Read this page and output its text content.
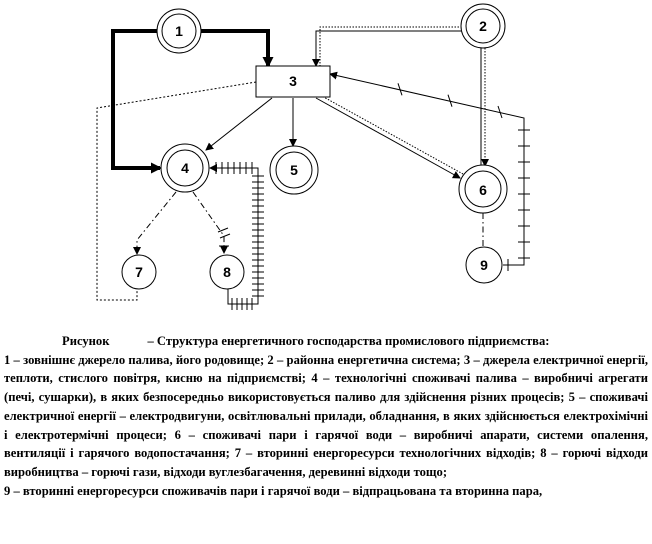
1	2
3
4	5
6
7	8	9

Рисунок	– Структура енергетичного господарства промислового підприємства:

1 – зовнішнє джерело палива, його родовище; 2 – районна енергетична система; 3 – джерела електричної енергії, теплоти, стислого повітря, кисню на підприємстві; 4 – технологічні споживачі палива – виробничі агрегати (печі, сушарки), в яких безпосередньо використовується паливо для здійснення різних процесів; 5 – споживачі електричної енергії – електродвигуни, освітлювальні прилади, обладнання, в яких здійснюється електрохімічні і електротермічні процеси; 6 – споживачі пари і гарячої води – виробничі апарати, системи опалення, вентиляції і гарячого водопостачання; 7 – вторинні енергоресурси технологічних відходів; 8 – горючі відходи виробництва – горючі гази, відходи вуглезбагачення, деревинні відходи тощо;

9 – вторинні енергоресурси споживачів пари і гарячої води – відпрацьована та вторинна пара,
